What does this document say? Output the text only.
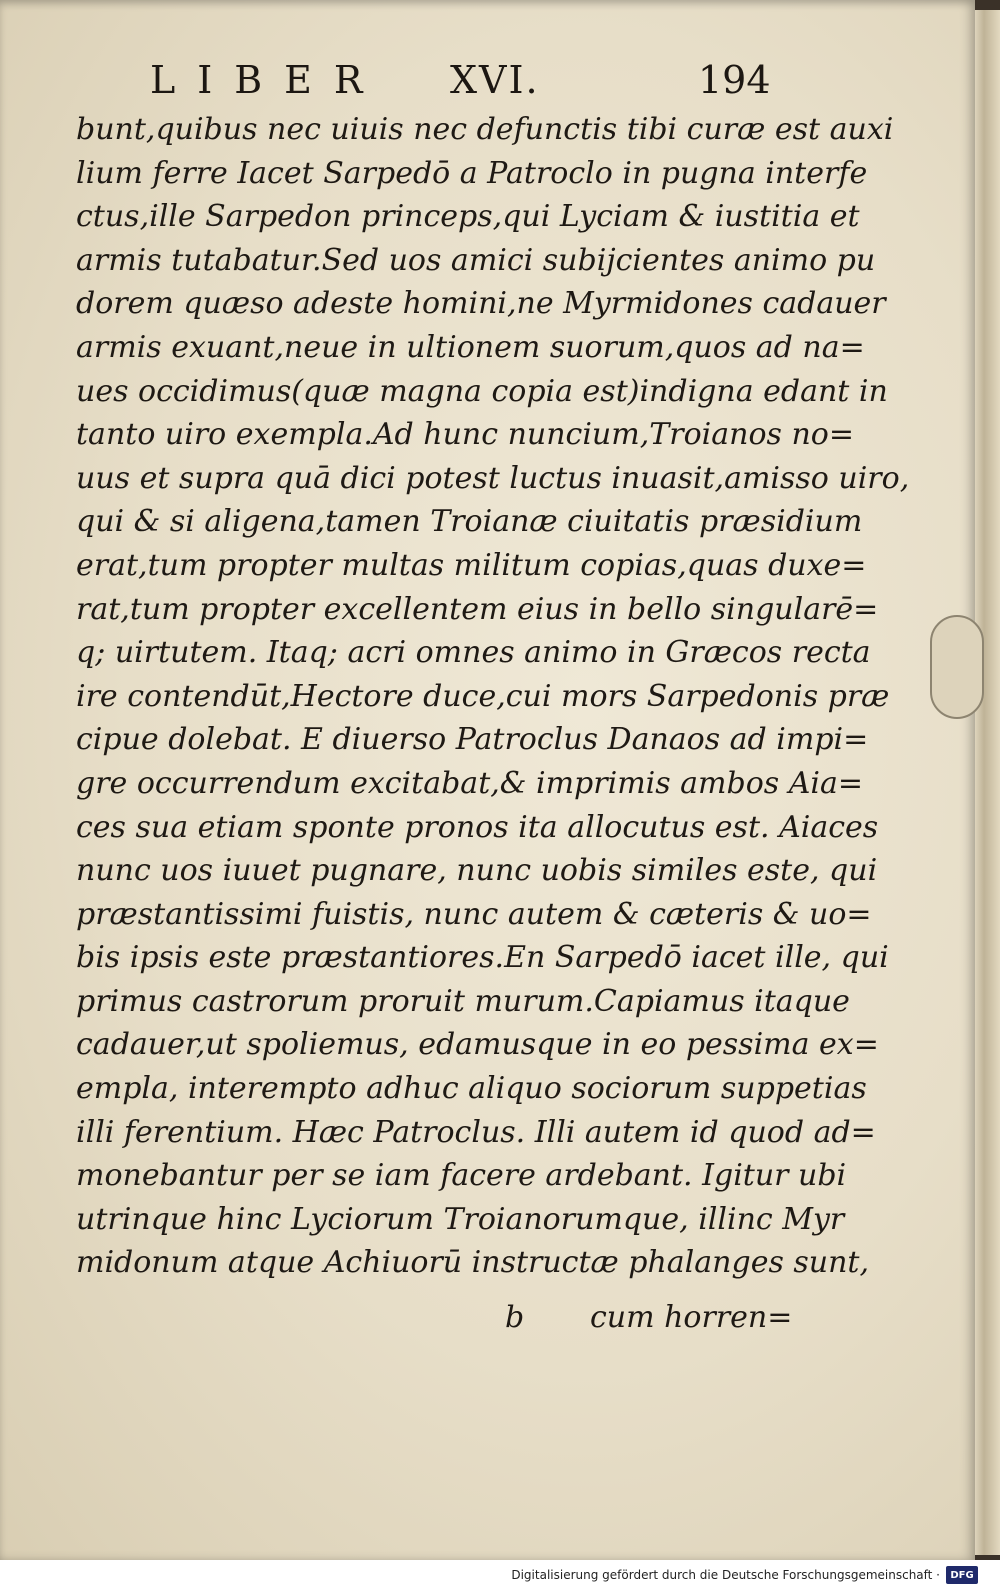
LIBER XVI.	194
bunt,quibus nec uiuis nec defunctis tibi curæ est auxi
lium ferre Iacet Sarpedō a Patroclo in pugna interfe
ctus,ille Sarpedon princeps,qui Lyciam & iustitia et
armis tutabatur.Sed uos amici subijcientes animo pu
dorem quæso adeste homini,ne Myrmidones cadauer
armis exuant,neue in ultionem suorum,quos ad na=
ues occidimus(quæ magna copia est)indigna edant in
tanto uiro exempla.Ad hunc nuncium,Troianos no=
uus et supra quā dici potest luctus inuasit,amisso uiro,
qui & si aligena,tamen Troianæ ciuitatis præsidium
erat,tum propter multas militum copias,quas duxe=
rat,tum propter excellentem eius in bello singularē=
q; uirtutem. Itaq; acri omnes animo in Græcos recta
ire contendūt,Hectore duce,cui mors Sarpedonis præ
cipue dolebat. E diuerso Patroclus Danaos ad impi=
gre occurrendum excitabat,& imprimis ambos Aia=
ces sua etiam sponte pronos ita allocutus est. Aiaces
nunc uos iuuet pugnare, nunc uobis similes este, qui
præstantissimi fuistis, nunc autem & cæteris & uo=
bis ipsis este præstantiores.En Sarpedō iacet ille, qui
primus castrorum proruit murum.Capiamus itaque
cadauer,ut spoliemus, edamusque in eo pessima ex=
empla, interempto adhuc aliquo sociorum suppetias
illi ferentium. Hæc Patroclus. Illi autem id quod ad=
monebantur per se iam facere ardebant. Igitur ubi
utrinque hinc Lyciorum Troianorumque, illinc Myr
midonum atque Achiuorū instructæ phalanges sunt,
b cum horren=
Digitalisierung gefördert durch die Deutsche Forschungsgemeinschaft ·	DFG
